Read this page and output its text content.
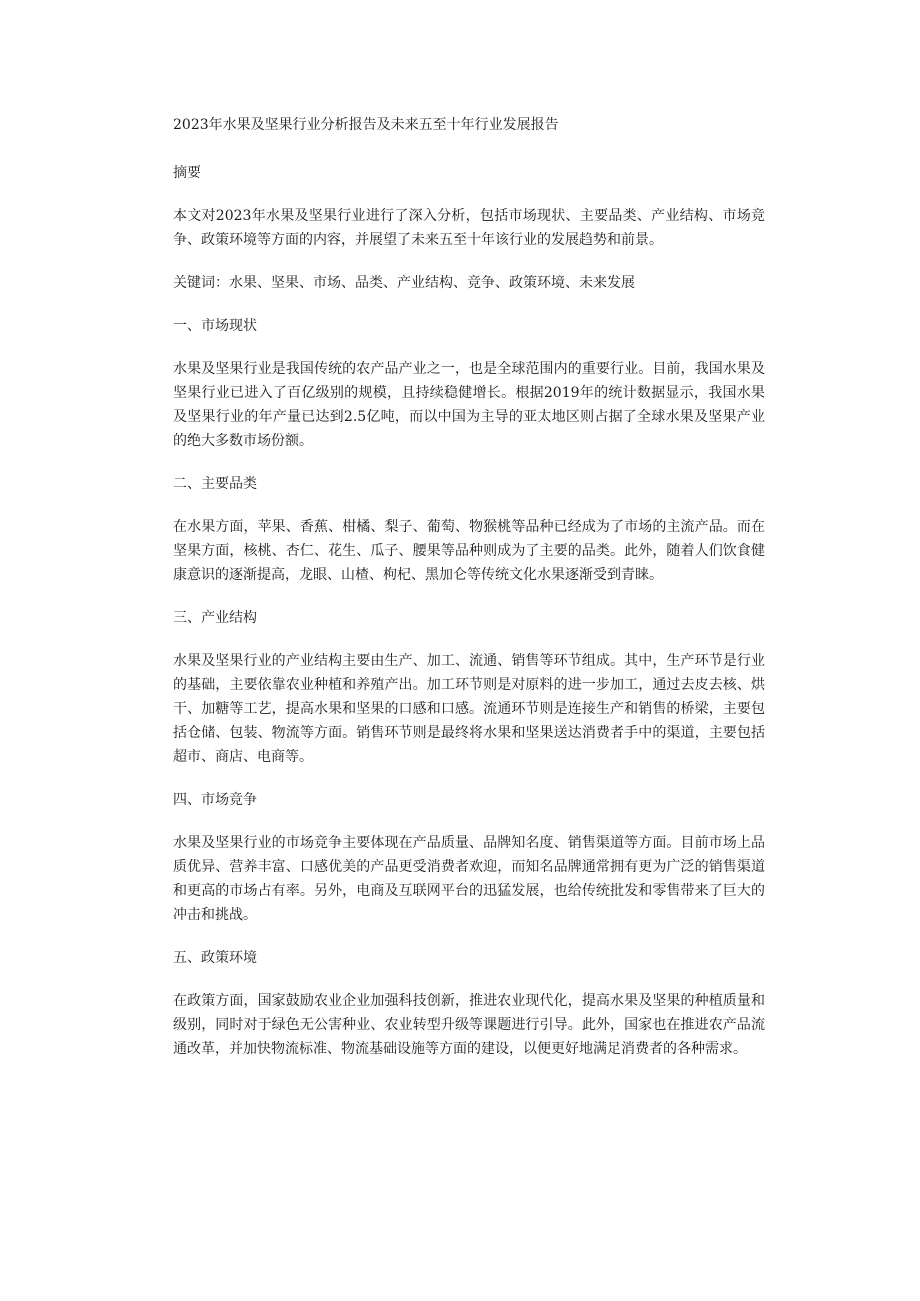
2023年水果及坚果行业分析报告及未来五至十年行业发展报告
摘要
本文对2023年水果及坚果行业进行了深入分析，包括市场现状、主要品类、产业结构、市场竞争、政策环境等方面的内容，并展望了未来五至十年该行业的发展趋势和前景。
关键词：水果、坚果、市场、品类、产业结构、竞争、政策环境、未来发展
一、市场现状
水果及坚果行业是我国传统的农产品产业之一，也是全球范围内的重要行业。目前，我国水果及坚果行业已进入了百亿级别的规模，且持续稳健增长。根据2019年的统计数据显示，我国水果及坚果行业的年产量已达到2.5亿吨，而以中国为主导的亚太地区则占据了全球水果及坚果产业的绝大多数市场份额。
二、主要品类
在水果方面，苹果、香蕉、柑橘、梨子、葡萄、物猴桃等品种已经成为了市场的主流产品。而在坚果方面，核桃、杏仁、花生、瓜子、腰果等品种则成为了主要的品类。此外，随着人们饮食健康意识的逐渐提高，龙眼、山楂、枸杞、黑加仑等传统文化水果逐渐受到青睐。
三、产业结构
水果及坚果行业的产业结构主要由生产、加工、流通、销售等环节组成。其中，生产环节是行业的基础，主要依靠农业种植和养殖产出。加工环节则是对原料的进一步加工，通过去皮去核、烘干、加糖等工艺，提高水果和坚果的口感和口感。流通环节则是连接生产和销售的桥梁，主要包括仓储、包装、物流等方面。销售环节则是最终将水果和坚果送达消费者手中的渠道，主要包括超市、商店、电商等。
四、市场竞争
水果及坚果行业的市场竞争主要体现在产品质量、品牌知名度、销售渠道等方面。目前市场上品质优异、营养丰富、口感优美的产品更受消费者欢迎，而知名品牌通常拥有更为广泛的销售渠道和更高的市场占有率。另外，电商及互联网平台的迅猛发展，也给传统批发和零售带来了巨大的冲击和挑战。
五、政策环境
在政策方面，国家鼓励农业企业加强科技创新，推进农业现代化，提高水果及坚果的种植质量和级别，同时对于绿色无公害种业、农业转型升级等课题进行引导。此外，国家也在推进农产品流通改革，并加快物流标准、物流基础设施等方面的建设，以便更好地满足消费者的各种需求。
